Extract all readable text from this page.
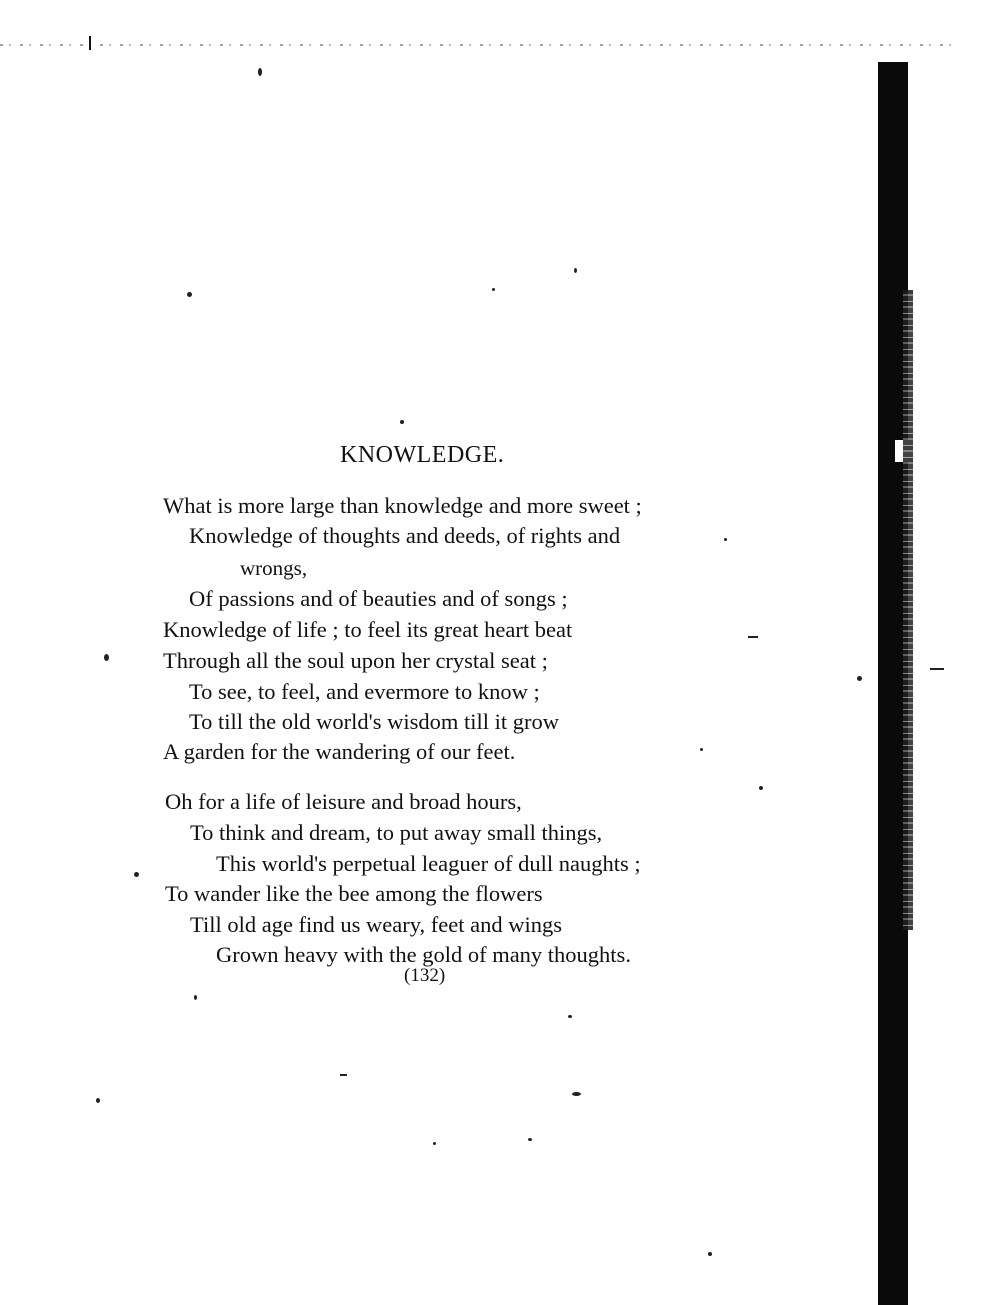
KNOWLEDGE.
What is more large than knowledge and more sweet ;
Knowledge of thoughts and deeds, of rights and
wrongs,
Of passions and of beauties and of songs ;
Knowledge of life ; to feel its great heart beat
Through all the soul upon her crystal seat ;
To see, to feel, and evermore to know ;
To till the old world's wisdom till it grow
A garden for the wandering of our feet.
Oh for a life of leisure and broad hours,
To think and dream, to put away small things,
This world's perpetual leaguer of dull naughts ;
To wander like the bee among the flowers
Till old age find us weary, feet and wings
Grown heavy with the gold of many thoughts.
(132)
